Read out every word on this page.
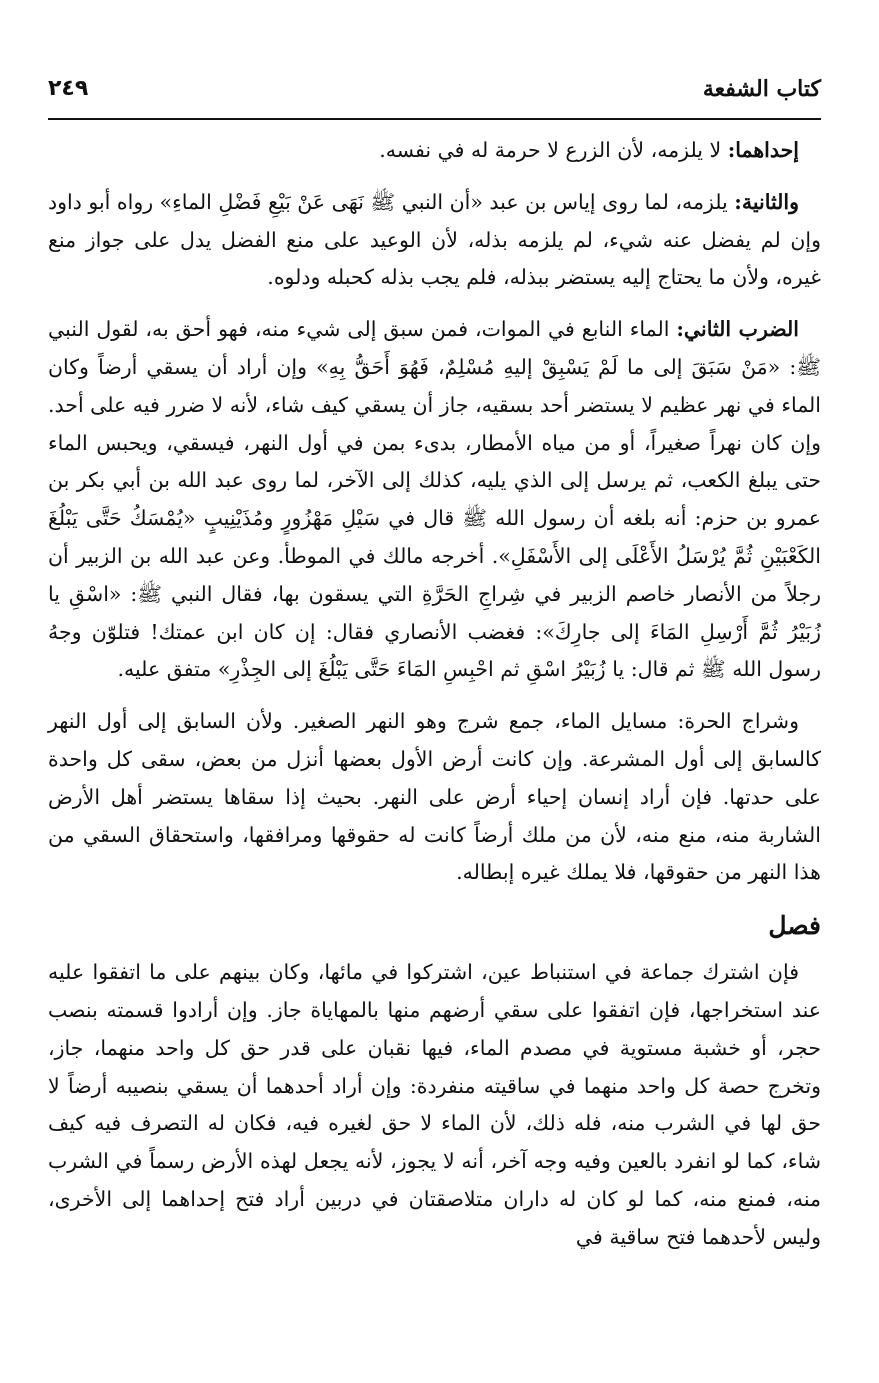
كتاب الشفعة
٢٤٩

إحداهما: لا يلزمه، لأن الزرع لا حرمة له في نفسه.

والثانية: يلزمه، لما روى إياس بن عبد «أن النبي ﷺ نَهَى عَنْ بَيْعِ فَضْلِ الماءِ» رواه أبو داود وإن لم يفضل عنه شيء، لم يلزمه بذله، لأن الوعيد على منع الفضل يدل على جواز منع غيره، ولأن ما يحتاج إليه يستضر ببذله، فلم يجب بذله كحبله ودلوه.

الضرب الثاني: الماء النابع في الموات، فمن سبق إلى شيء منه، فهو أحق به، لقول النبي ﷺ: «مَنْ سَبَقَ إلى ما لَمْ يَسْبِقْ إليهِ مُسْلِمٌ، فَهُوَ أَحَقُّ بِهِ» وإن أراد أن يسقي أرضاً وكان الماء في نهر عظيم لا يستضر أحد بسقيه، جاز أن يسقي كيف شاء، لأنه لا ضرر فيه على أحد. وإن كان نهراً صغيراً، أو من مياه الأمطار، بدىء بمن في أول النهر، فيسقي، ويحبس الماء حتى يبلغ الكعب، ثم يرسل إلى الذي يليه، كذلك إلى الآخر، لما روى عبد الله بن أبي بكر بن عمرو بن حزم: أنه بلغه أن رسول الله ﷺ قال في سَيْلِ مَهْزُورٍ ومُذَيْنِيبٍ «يُمْسَكُ حَتَّى يَبْلُغَ الكَعْبَيْنِ ثُمَّ يُرْسَلُ الأَعْلَى إلى الأَسْفَلِ». أخرجه مالك في الموطأ. وعن عبد الله بن الزبير أن رجلاً من الأنصار خاصم الزبير في شِراجِ الحَرَّةِ التي يسقون بها، فقال النبي ﷺ: «اسْقِ يا زُبَيْرُ ثُمَّ أَرْسِلِ المَاءَ إلى جارِكَ»: فغضب الأنصاري فقال: إن كان ابن عمتك! فتلوّن وجهُ رسول الله ﷺ ثم قال: يا زُبَيْرُ اسْقِ ثم احْبِسِ المَاءَ حَتَّى يَبْلُغَ إلى الجِذْرِ» متفق عليه.

وشراج الحرة: مسايل الماء، جمع شرج وهو النهر الصغير. ولأن السابق إلى أول النهر كالسابق إلى أول المشرعة. وإن كانت أرض الأول بعضها أنزل من بعض، سقى كل واحدة على حدتها. فإن أراد إنسان إحياء أرض على النهر. بحيث إذا سقاها يستضر أهل الأرض الشاربة منه، منع منه، لأن من ملك أرضاً كانت له حقوقها ومرافقها، واستحقاق السقي من هذا النهر من حقوقها، فلا يملك غيره إبطاله.

فصل

فإن اشترك جماعة في استنباط عين، اشتركوا في مائها، وكان بينهم على ما اتفقوا عليه عند استخراجها، فإن اتفقوا على سقي أرضهم منها بالمهاياة جاز. وإن أرادوا قسمته بنصب حجر، أو خشبة مستوية في مصدم الماء، فيها نقبان على قدر حق كل واحد منهما، جاز، وتخرج حصة كل واحد منهما في ساقيته منفردة: وإن أراد أحدهما أن يسقي بنصيبه أرضاً لا حق لها في الشرب منه، فله ذلك، لأن الماء لا حق لغيره فيه، فكان له التصرف فيه كيف شاء، كما لو انفرد بالعين وفيه وجه آخر، أنه لا يجوز، لأنه يجعل لهذه الأرض رسماً في الشرب منه، فمنع منه، كما لو كان له داران متلاصقتان في دربين أراد فتح إحداهما إلى الأخرى، وليس لأحدهما فتح ساقية في
